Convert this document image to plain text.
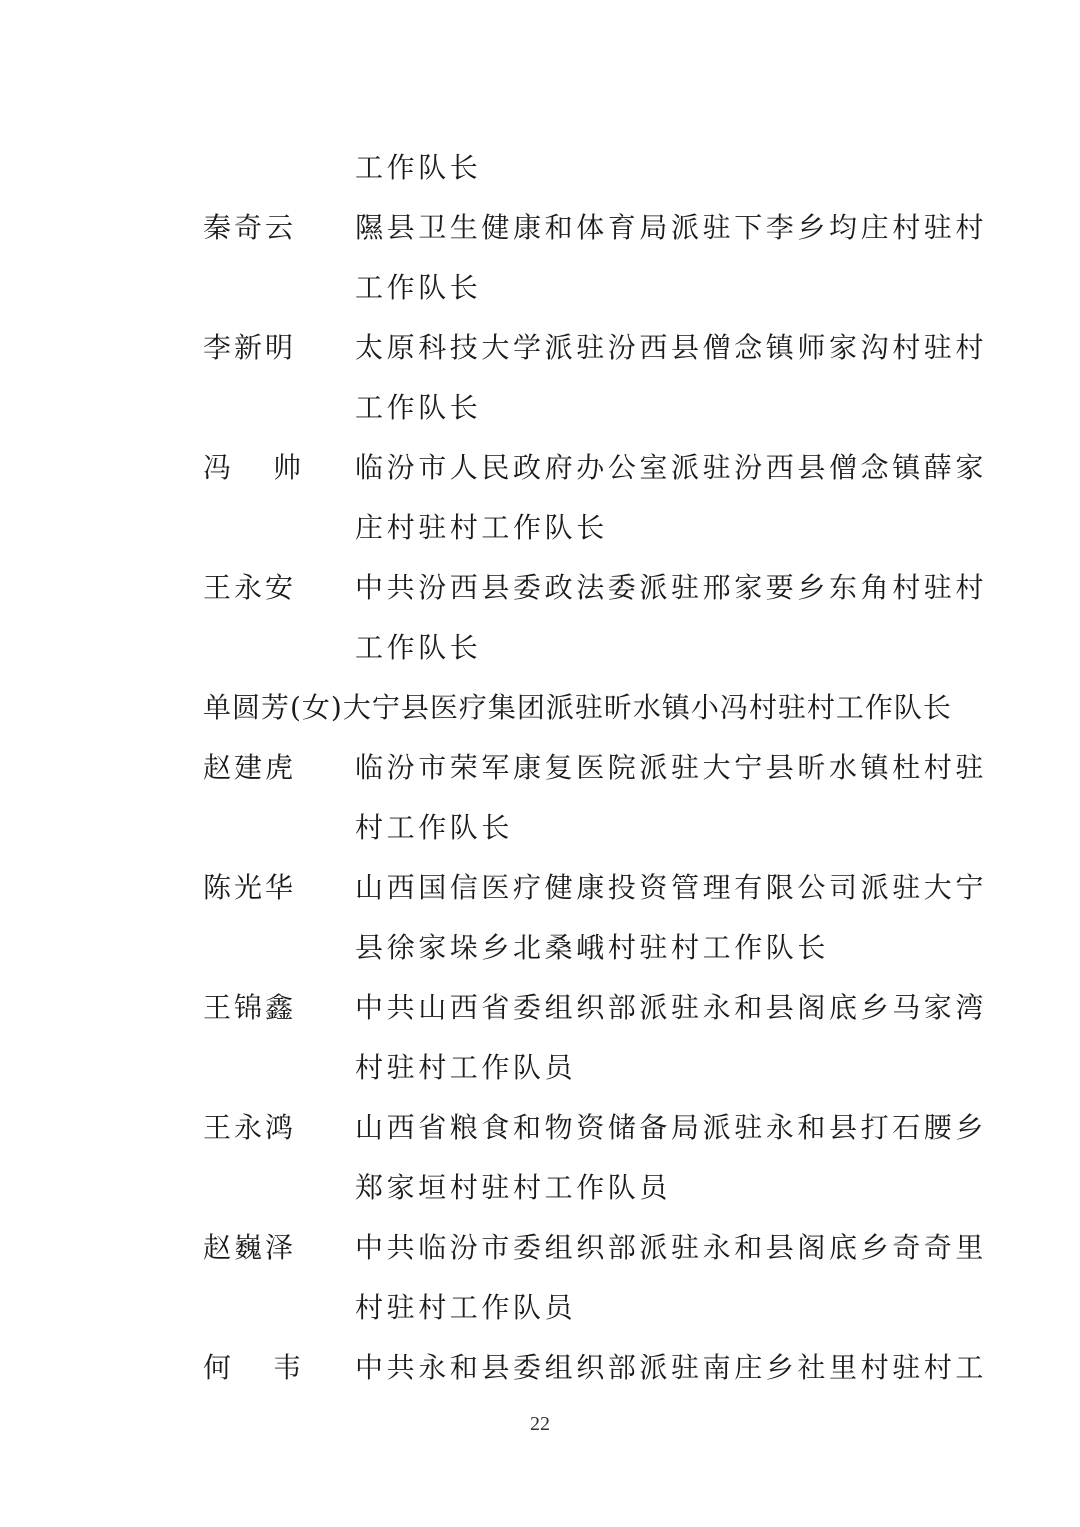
工作队长
秦奇云 隰县卫生健康和体育局派驻下李乡均庄村驻村
工作队长
李新明 太原科技大学派驻汾西县僧念镇师家沟村驻村
工作队长
冯帅 临汾市人民政府办公室派驻汾西县僧念镇薛家
庄村驻村工作队长
王永安 中共汾西县委政法委派驻邢家要乡东角村驻村
工作队长
单圆芳(女)大宁县医疗集团派驻昕水镇小冯村驻村工作队长
赵建虎 临汾市荣军康复医院派驻大宁县昕水镇杜村驻
村工作队长
陈光华 山西国信医疗健康投资管理有限公司派驻大宁
县徐家垛乡北桑峨村驻村工作队长
王锦鑫 中共山西省委组织部派驻永和县阁底乡马家湾
村驻村工作队员
王永鸿 山西省粮食和物资储备局派驻永和县打石腰乡
郑家垣村驻村工作队员
赵巍泽 中共临汾市委组织部派驻永和县阁底乡奇奇里
村驻村工作队员
何韦 中共永和县委组织部派驻南庄乡社里村驻村工
22
